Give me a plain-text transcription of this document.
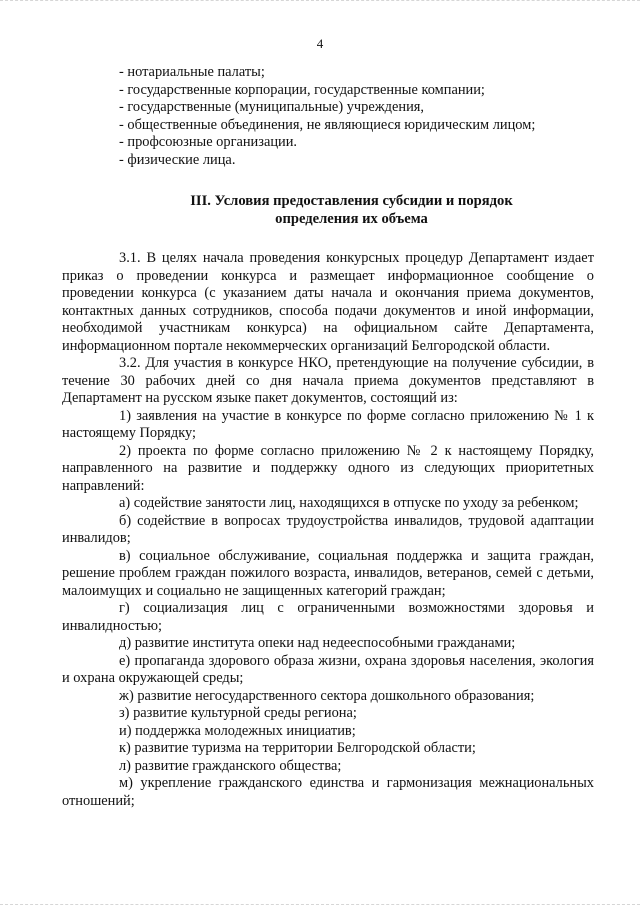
4

- нотариальные палаты;

- государственные корпорации, государственные компании;

- государственные (муниципальные) учреждения,

- общественные объединения, не являющиеся юридическим лицом;

- профсоюзные организации.

- физические лица.

III. Условия предоставления субсидии и порядок
определения их объема

3.1. В целях начала проведения конкурсных процедур Департамент издает приказ о проведении конкурса и размещает информационное сообщение о проведении конкурса (с указанием даты начала и окончания приема документов, контактных данных сотрудников, способа подачи документов и иной информации, необходимой участникам конкурса) на официальном сайте Департамента, информационном портале некоммерческих организаций Белгородской области.

3.2. Для участия в конкурсе НКО, претендующие на получение субсидии, в течение 30 рабочих дней со дня начала приема документов представляют в Департамент на русском языке пакет документов, состоящий из:

1) заявления на участие в конкурсе по форме согласно приложению № 1 к настоящему Порядку;

2) проекта по форме согласно приложению № 2 к настоящему Порядку, направленного на развитие и поддержку одного из следующих приоритетных направлений:

а) содействие занятости лиц, находящихся в отпуске по уходу за ребенком;

б) содействие в вопросах трудоустройства инвалидов, трудовой адаптации инвалидов;

в) социальное обслуживание, социальная поддержка и защита граждан, решение проблем граждан пожилого возраста, инвалидов, ветеранов, семей с детьми, малоимущих и социально не защищенных категорий граждан;

г) социализация лиц с ограниченными возможностями здоровья и инвалидностью;

д) развитие института опеки над недееспособными гражданами;

е) пропаганда здорового образа жизни, охрана здоровья населения, экология и охрана окружающей среды;

ж) развитие негосударственного сектора дошкольного образования;

з) развитие культурной среды региона;

и) поддержка молодежных инициатив;

к) развитие туризма на территории Белгородской области;

л) развитие гражданского общества;

м) укрепление гражданского единства и гармонизация межнациональных отношений;
